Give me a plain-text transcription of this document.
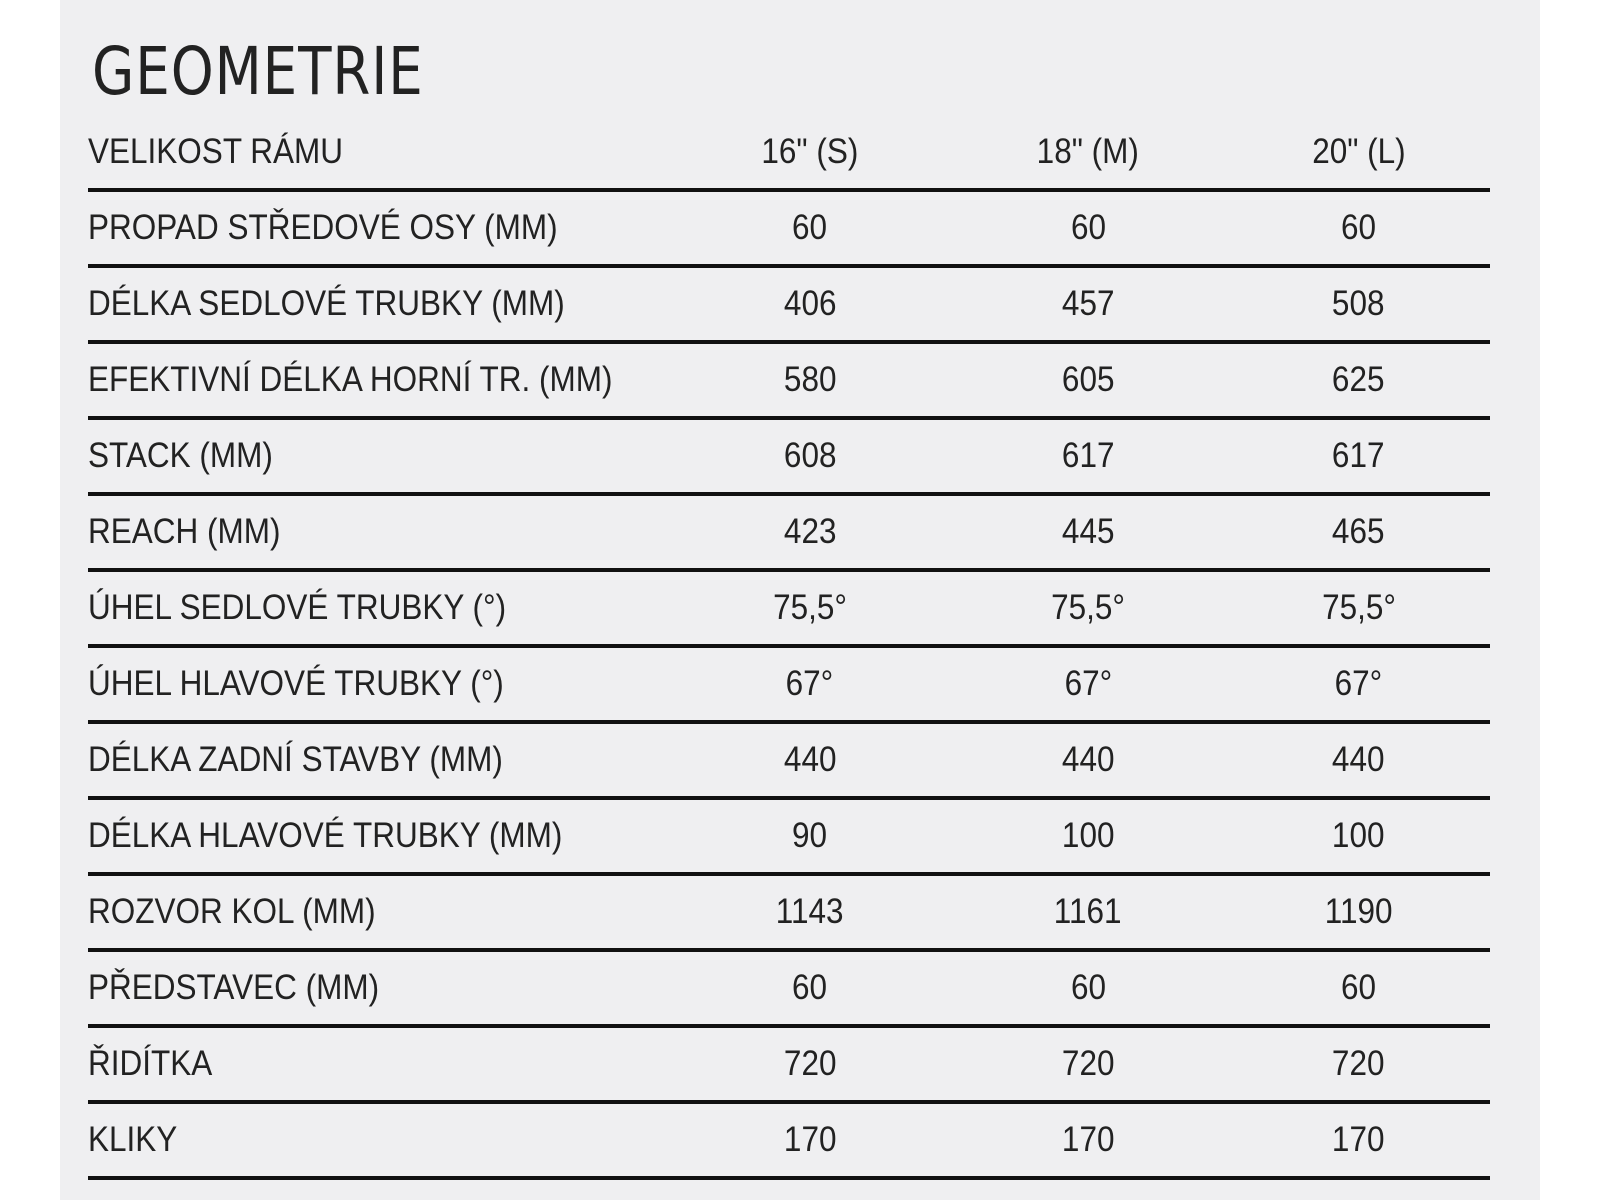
GEOMETRIE
VELIKOST RÁMU	16" (S)	18" (M)	20" (L)
PROPAD STŘEDOVÉ OSY (MM)	60	60	60
DÉLKA SEDLOVÉ TRUBKY (MM)	406	457	508
EFEKTIVNÍ DÉLKA HORNÍ TR. (MM)	580	605	625
STACK (MM)	608	617	617
REACH (MM)	423	445	465
ÚHEL SEDLOVÉ TRUBKY (°)	75,5°	75,5°	75,5°
ÚHEL HLAVOVÉ TRUBKY (°)	67°	67°	67°
DÉLKA ZADNÍ STAVBY (MM)	440	440	440
DÉLKA HLAVOVÉ TRUBKY (MM)	90	100	100
ROZVOR KOL (MM)	1143	1161	1190
PŘEDSTAVEC (MM)	60	60	60
ŘIDÍTKA	720	720	720
KLIKY	170	170	170
